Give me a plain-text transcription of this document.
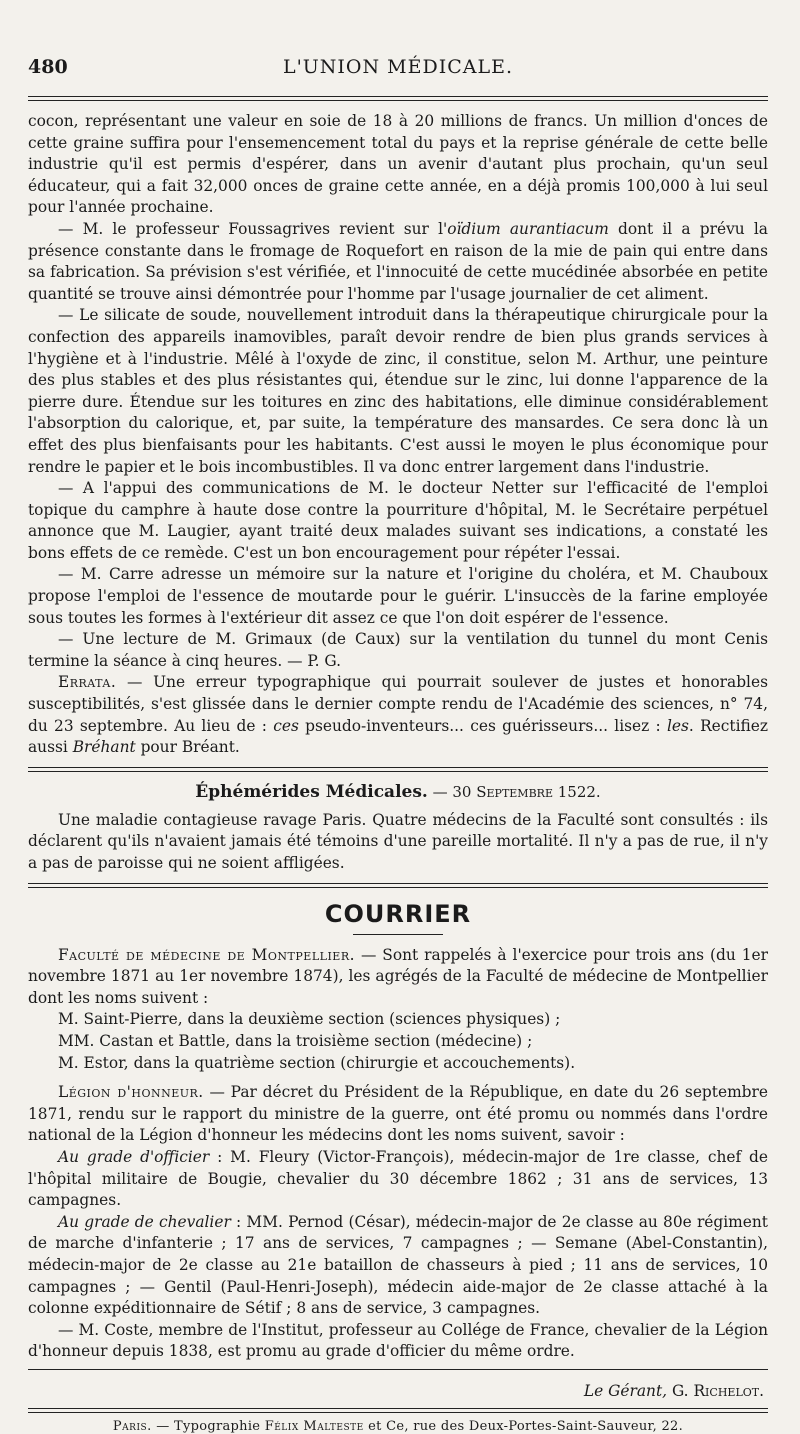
480	L'UNION MÉDICALE.

cocon, représentant une valeur en soie de 18 à 20 millions de francs. Un million d'onces de cette graine suffira pour l'ensemencement total du pays et la reprise générale de cette belle industrie qu'il est permis d'espérer, dans un avenir d'autant plus prochain, qu'un seul éducateur, qui a fait 32,000 onces de graine cette année, en a déjà promis 100,000 à lui seul pour l'année prochaine.

— M. le professeur Foussagrives revient sur l'oïdium aurantiacum dont il a prévu la présence constante dans le fromage de Roquefort en raison de la mie de pain qui entre dans sa fabrication. Sa prévision s'est vérifiée, et l'innocuité de cette mucédinée absorbée en petite quantité se trouve ainsi démontrée pour l'homme par l'usage journalier de cet aliment.

— Le silicate de soude, nouvellement introduit dans la thérapeutique chirurgicale pour la confection des appareils inamovibles, paraît devoir rendre de bien plus grands services à l'hygiène et à l'industrie. Mêlé à l'oxyde de zinc, il constitue, selon M. Arthur, une peinture des plus stables et des plus résistantes qui, étendue sur le zinc, lui donne l'apparence de la pierre dure. Étendue sur les toitures en zinc des habitations, elle diminue considérablement l'absorption du calorique, et, par suite, la température des mansardes. Ce sera donc là un effet des plus bienfaisants pour les habitants. C'est aussi le moyen le plus économique pour rendre le papier et le bois incombustibles. Il va donc entrer largement dans l'industrie.

— A l'appui des communications de M. le docteur Netter sur l'efficacité de l'emploi topique du camphre à haute dose contre la pourriture d'hôpital, M. le Secrétaire perpétuel annonce que M. Laugier, ayant traité deux malades suivant ses indications, a constaté les bons effets de ce remède. C'est un bon encouragement pour répéter l'essai.

— M. Carre adresse un mémoire sur la nature et l'origine du choléra, et M. Chauboux propose l'emploi de l'essence de moutarde pour le guérir. L'insuccès de la farine employée sous toutes les formes à l'extérieur dit assez ce que l'on doit espérer de l'essence.

— Une lecture de M. Grimaux (de Caux) sur la ventilation du tunnel du mont Cenis termine la séance à cinq heures. — P. G.

Errata. — Une erreur typographique qui pourrait soulever de justes et honorables susceptibilités, s'est glissée dans le dernier compte rendu de l'Académie des sciences, n° 74, du 23 septembre. Au lieu de : ces pseudo-inventeurs... ces guérisseurs... lisez : les. Rectifiez aussi Bréhant pour Bréant.

Éphémérides Médicales. — 30 Septembre 1522.

Une maladie contagieuse ravage Paris. Quatre médecins de la Faculté sont consultés : ils déclarent qu'ils n'avaient jamais été témoins d'une pareille mortalité. Il n'y a pas de rue, il n'y a pas de paroisse qui ne soient affligées.

COURRIER

Faculté de médecine de Montpellier. — Sont rappelés à l'exercice pour trois ans (du 1er novembre 1871 au 1er novembre 1874), les agrégés de la Faculté de médecine de Montpellier dont les noms suivent :

M. Saint-Pierre, dans la deuxième section (sciences physiques) ;

MM. Castan et Battle, dans la troisième section (médecine) ;

M. Estor, dans la quatrième section (chirurgie et accouchements).

Légion d'honneur. — Par décret du Président de la République, en date du 26 septembre 1871, rendu sur le rapport du ministre de la guerre, ont été promu ou nommés dans l'ordre national de la Légion d'honneur les médecins dont les noms suivent, savoir :

Au grade d'officier : M. Fleury (Victor-François), médecin-major de 1re classe, chef de l'hôpital militaire de Bougie, chevalier du 30 décembre 1862 ; 31 ans de services, 13 campagnes.

Au grade de chevalier : MM. Pernod (César), médecin-major de 2e classe au 80e régiment de marche d'infanterie ; 17 ans de services, 7 campagnes ; — Semane (Abel-Constantin), médecin-major de 2e classe au 21e bataillon de chasseurs à pied ; 11 ans de services, 10 campagnes ; — Gentil (Paul-Henri-Joseph), médecin aide-major de 2e classe attaché à la colonne expéditionnaire de Sétif ; 8 ans de service, 3 campagnes.

— M. Coste, membre de l'Institut, professeur au Collége de France, chevalier de la Légion d'honneur depuis 1838, est promu au grade d'officier du même ordre.

Le Gérant, G. Richelot.
Paris. — Typographie Félix Malteste et Ce, rue des Deux-Portes-Saint-Sauveur, 22.
